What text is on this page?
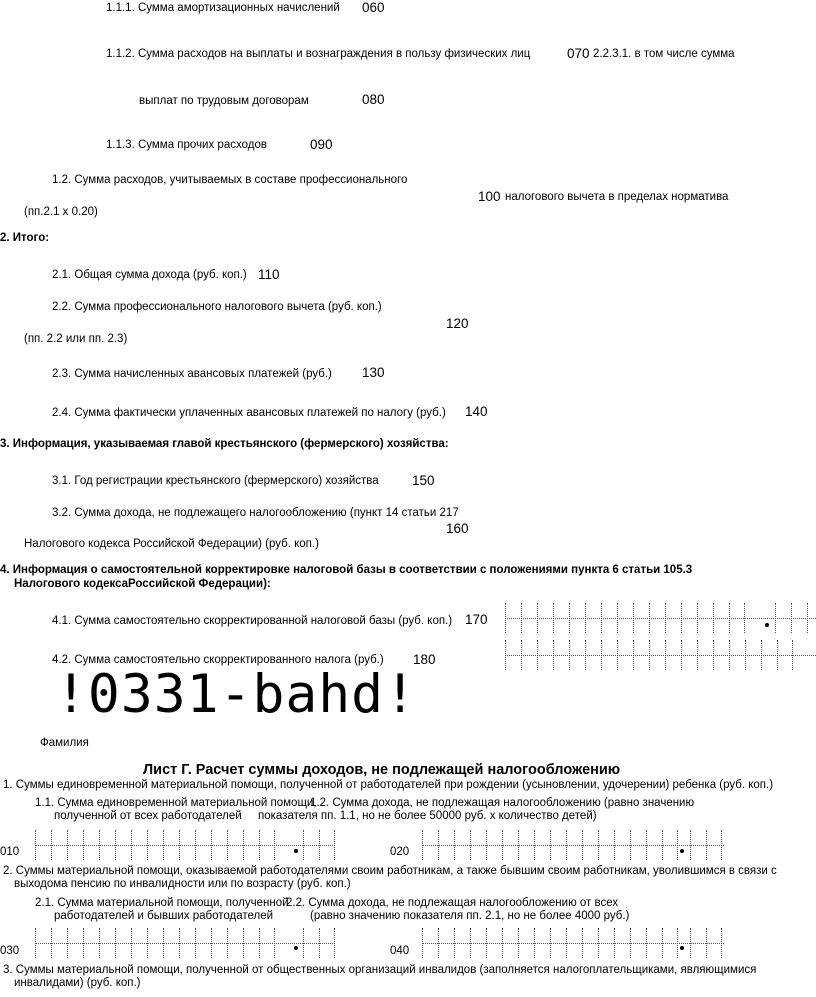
1.1.1. Сумма амортизационных начислений 060
1.1.2. Сумма расходов на выплаты и вознаграждения в пользу физических лиц	070 2.2.3.1. в том числе сумма
выплат по трудовым договорам	080
1.1.3. Сумма прочих расходов	090
1.2. Сумма расходов, учитываемых в составе профессионального
100 налогового вычета в пределах норматива
(пп.2.1 х 0.20)
2. Итого:
2.1. Общая сумма дохода (руб. коп.) 110
2.2. Сумма профессионального налогового вычета (руб. коп.)
120
(пп. 2.2 или пп. 2.3)
2.3. Сумма начисленных авансовых платежей (руб.) 130
2.4. Сумма фактически уплаченных авансовых платежей по налогу (руб.) 140
3. Информация, указываемая главой крестьянского (фермерского) хозяйства:
3.1. Год регистрации крестьянского (фермерского) хозяйства 150
3.2. Сумма дохода, не подлежащего налогообложению (пункт 14 статьи 217
160
Налогового кодекса Российской Федерации) (руб. коп.)
4. Информация о самостоятельной корректировке налоговой базы в соответствии с положениями пункта 6 статьи 105.3
Налогового кодексаРоссийской Федерации):
4.1. Сумма самостоятельно скорректированной налоговой базы (руб. коп.) 170
4.2. Сумма самостоятельно скорректированного налога (руб.) 180
!0331-bahd!
Фамилия
Лист Г. Расчет суммы доходов, не подлежащей налогообложению
1. Суммы единовременной материальной помощи, полученной от работодателей при рождении (усыновлении, удочерении) ребенка (руб. коп.)
1.1. Сумма единовременной материальной помощи,
полученной от всех работодателей
1.2. Сумма дохода, не подлежащая налогообложению (равно значению
показателя пп. 1.1, но не более 50000 руб. х количество детей)
010	020
2. Суммы материальной помощи, оказываемой работодателями своим работникам, а также бывшим своим работникам, уволившимся в связи с
выходома пенсию по инвалидности или по возрасту (руб. коп.)
2.1. Сумма материальной помощи, полученной
работодателей и бывших работодателей
2.2. Сумма дохода, не подлежащая налогообложению от всех
(равно значению показателя пп. 2.1, но не более 4000 руб.)
030	040
3. Суммы материальной помощи, полученной от общественных организаций инвалидов (заполняется налогоплательщиками, являющимися
инвалидами) (руб. коп.)
